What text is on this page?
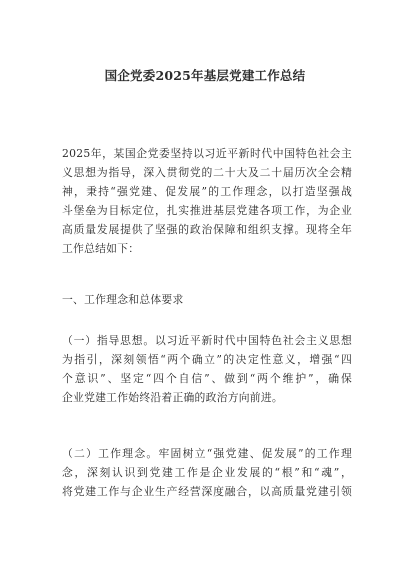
国企党委2025年基层党建工作总结
2025年，某国企党委坚持以习近平新时代中国特色社会主
义思想为指导，深入贯彻党的二十大及二十届历次全会精
神，秉持“强党建、促发展”的工作理念，以打造坚强战
斗堡垒为目标定位，扎实推进基层党建各项工作，为企业
高质量发展提供了坚强的政治保障和组织支撑。现将全年
工作总结如下：
一、工作理念和总体要求
（一）指导思想。以习近平新时代中国特色社会主义思想
为指引，深刻领悟“两个确立”的决定性意义，增强“四
个意识”、坚定“四个自信”、做到“两个维护”，确保
企业党建工作始终沿着正确的政治方向前进。
（二）工作理念。牢固树立“强党建、促发展”的工作理
念，深刻认识到党建工作是企业发展的“根”和“魂”，
将党建工作与企业生产经营深度融合，以高质量党建引领
